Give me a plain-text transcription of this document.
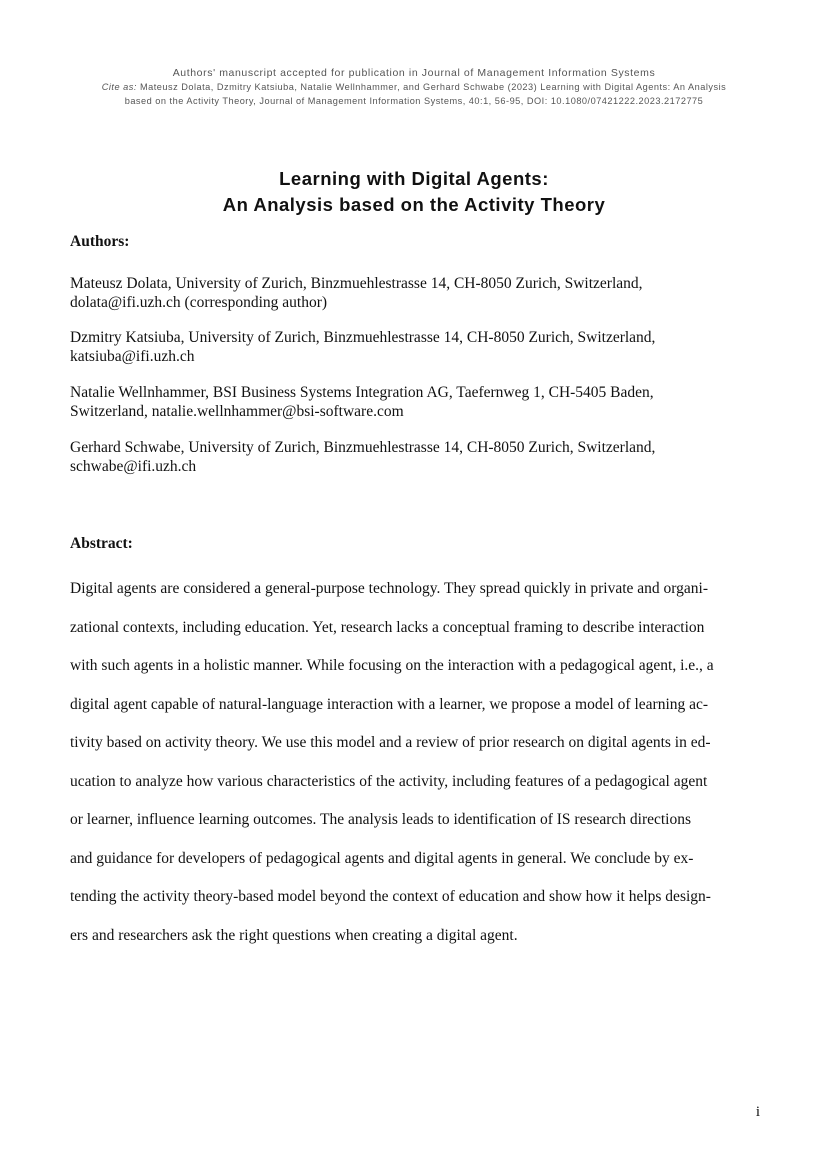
Authors' manuscript accepted for publication in Journal of Management Information Systems
Cite as: Mateusz Dolata, Dzmitry Katsiuba, Natalie Wellnhammer, and Gerhard Schwabe (2023) Learning with Digital Agents: An Analysis
based on the Activity Theory, Journal of Management Information Systems, 40:1, 56-95, DOI: 10.1080/07421222.2023.2172775
Learning with Digital Agents:
An Analysis based on the Activity Theory
Authors:
Mateusz Dolata, University of Zurich, Binzmuehlestrasse 14, CH-8050 Zurich, Switzerland,
dolata@ifi.uzh.ch (corresponding author)
Dzmitry Katsiuba, University of Zurich, Binzmuehlestrasse 14, CH-8050 Zurich, Switzerland,
katsiuba@ifi.uzh.ch
Natalie Wellnhammer, BSI Business Systems Integration AG, Taefernweg 1, CH-5405 Baden,
Switzerland, natalie.wellnhammer@bsi-software.com
Gerhard Schwabe, University of Zurich, Binzmuehlestrasse 14, CH-8050 Zurich, Switzerland,
schwabe@ifi.uzh.ch
Abstract:
Digital agents are considered a general-purpose technology. They spread quickly in private and organi-
zational contexts, including education. Yet, research lacks a conceptual framing to describe interaction
with such agents in a holistic manner. While focusing on the interaction with a pedagogical agent, i.e., a
digital agent capable of natural-language interaction with a learner, we propose a model of learning ac-
tivity based on activity theory. We use this model and a review of prior research on digital agents in ed-
ucation to analyze how various characteristics of the activity, including features of a pedagogical agent
or learner, influence learning outcomes. The analysis leads to identification of IS research directions
and guidance for developers of pedagogical agents and digital agents in general. We conclude by ex-
tending the activity theory-based model beyond the context of education and show how it helps design-
ers and researchers ask the right questions when creating a digital agent.
i
